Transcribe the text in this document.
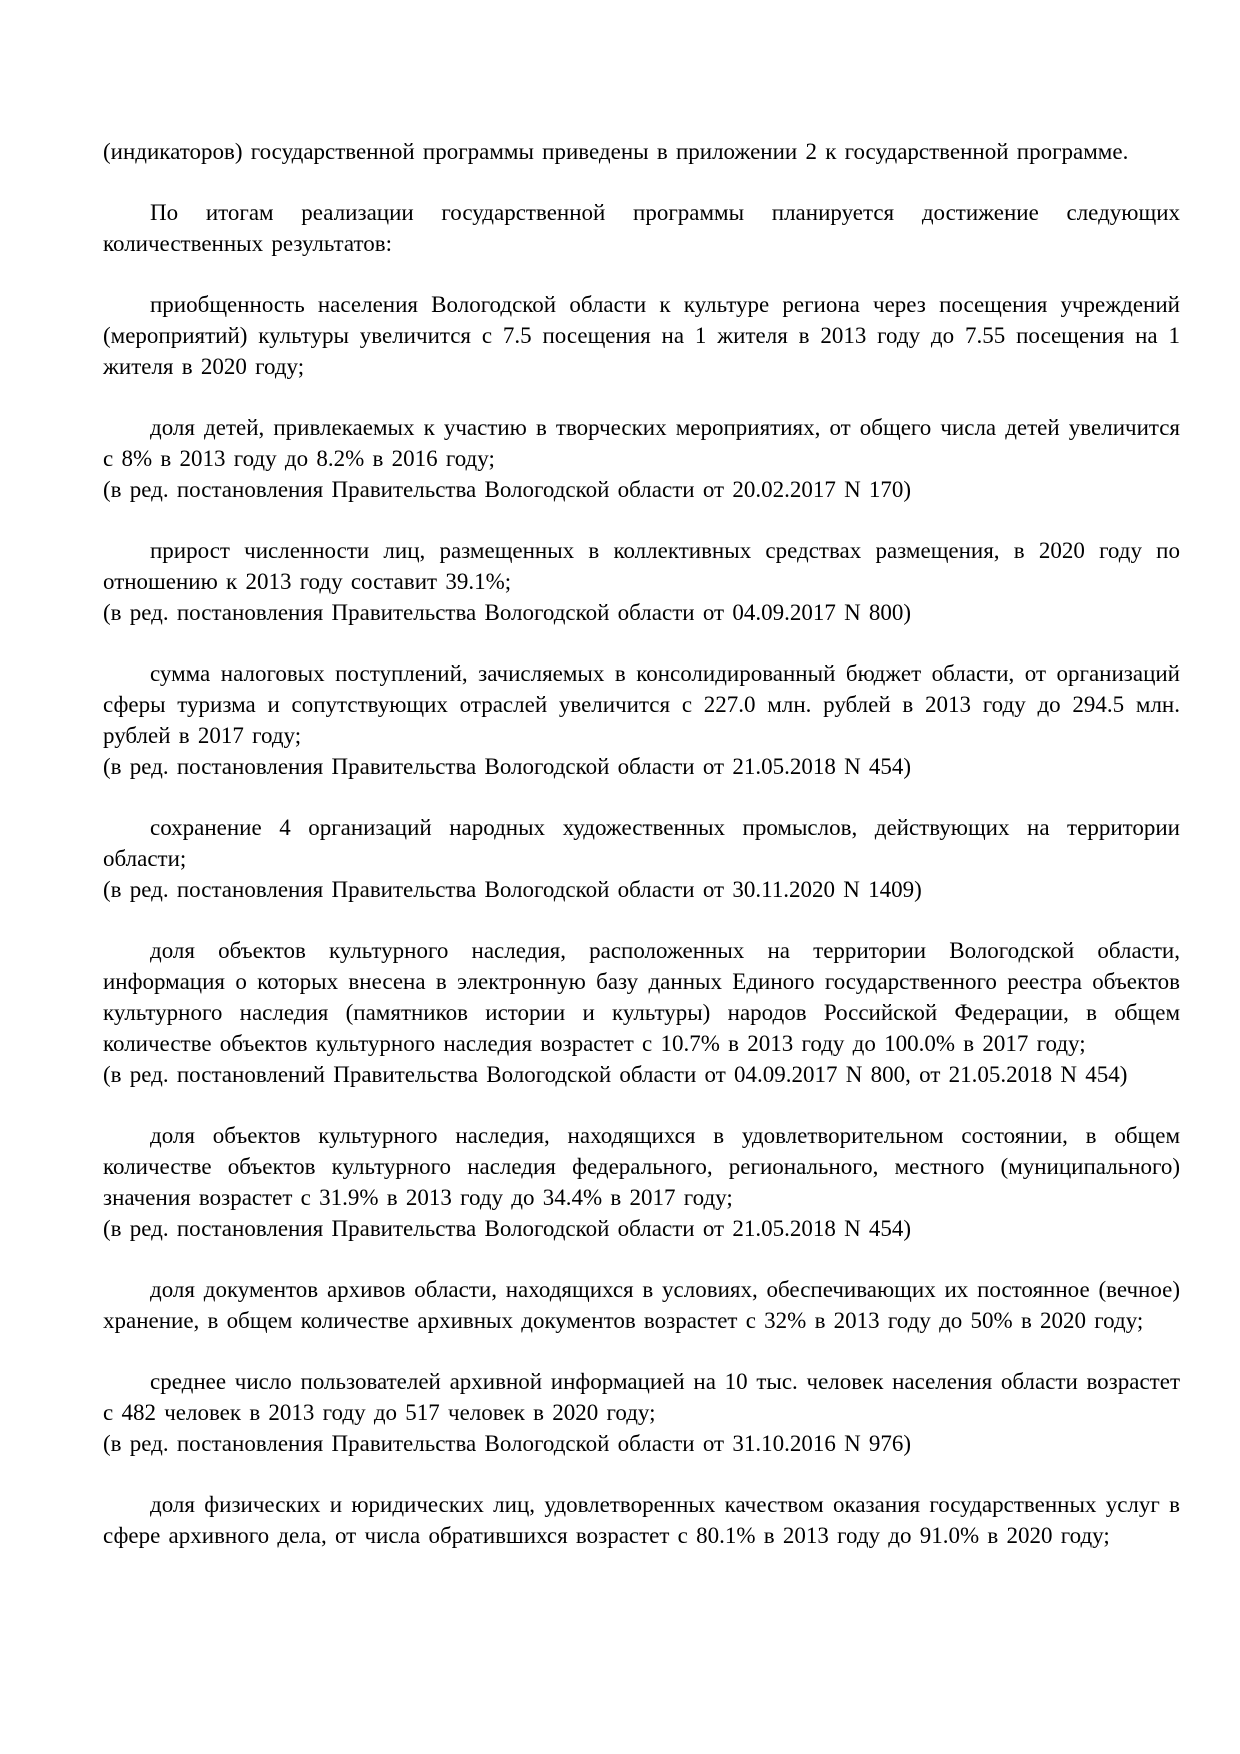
(индикаторов) государственной программы приведены в приложении 2 к государственной программе.

По итогам реализации государственной программы планируется достижение следующих количественных результатов:

приобщенность населения Вологодской области к культуре региона через посещения учреждений (мероприятий) культуры увеличится с 7.5 посещения на 1 жителя в 2013 году до 7.55 посещения на 1 жителя в 2020 году;

доля детей, привлекаемых к участию в творческих мероприятиях, от общего числа детей увеличится с 8% в 2013 году до 8.2% в 2016 году;

(в ред. постановления Правительства Вологодской области от 20.02.2017 N 170)

прирост численности лиц, размещенных в коллективных средствах размещения, в 2020 году по отношению к 2013 году составит 39.1%;

(в ред. постановления Правительства Вологодской области от 04.09.2017 N 800)

сумма налоговых поступлений, зачисляемых в консолидированный бюджет области, от организаций сферы туризма и сопутствующих отраслей увеличится с 227.0 млн. рублей в 2013 году до 294.5 млн. рублей в 2017 году;

(в ред. постановления Правительства Вологодской области от 21.05.2018 N 454)

сохранение 4 организаций народных художественных промыслов, действующих на территории области;

(в ред. постановления Правительства Вологодской области от 30.11.2020 N 1409)

доля объектов культурного наследия, расположенных на территории Вологодской области, информация о которых внесена в электронную базу данных Единого государственного реестра объектов культурного наследия (памятников истории и культуры) народов Российской Федерации, в общем количестве объектов культурного наследия возрастет с 10.7% в 2013 году до 100.0% в 2017 году;

(в ред. постановлений Правительства Вологодской области от 04.09.2017 N 800, от 21.05.2018 N 454)

доля объектов культурного наследия, находящихся в удовлетворительном состоянии, в общем количестве объектов культурного наследия федерального, регионального, местного (муниципального) значения возрастет с 31.9% в 2013 году до 34.4% в 2017 году;

(в ред. постановления Правительства Вологодской области от 21.05.2018 N 454)

доля документов архивов области, находящихся в условиях, обеспечивающих их постоянное (вечное) хранение, в общем количестве архивных документов возрастет с 32% в 2013 году до 50% в 2020 году;

среднее число пользователей архивной информацией на 10 тыс. человек населения области возрастет с 482 человек в 2013 году до 517 человек в 2020 году;

(в ред. постановления Правительства Вологодской области от 31.10.2016 N 976)

доля физических и юридических лиц, удовлетворенных качеством оказания государственных услуг в сфере архивного дела, от числа обратившихся возрастет с 80.1% в 2013 году до 91.0% в 2020 году;
